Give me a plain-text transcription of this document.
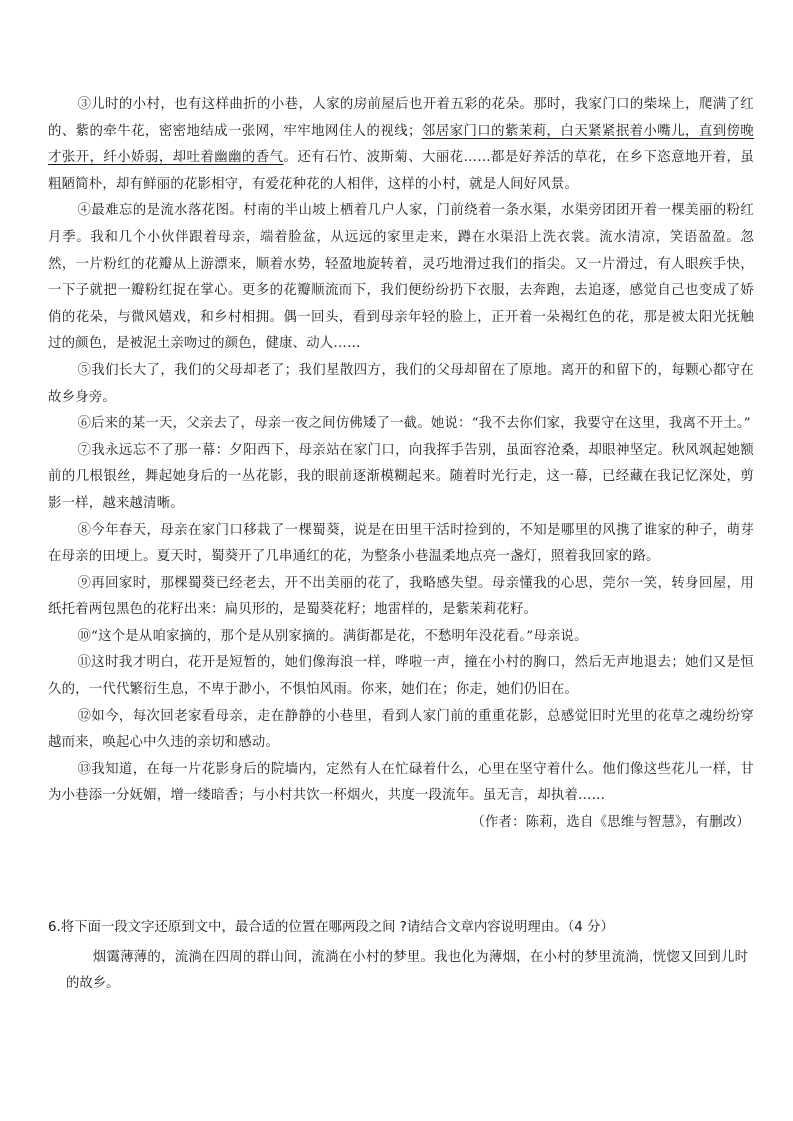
③儿时的小村，也有这样曲折的小巷，人家的房前屋后也开着五彩的花朵。那时，我家门口的柴垛上，爬满了红的、紫的牵牛花，密密地结成一张网，牢牢地网住人的视线；邻居家门口的紫茉莉，白天紧紧抿着小嘴儿，直到傍晚才张开，纤小娇弱，却吐着幽幽的香气。还有石竹、波斯菊、大丽花……都是好养活的草花，在乡下恣意地开着，虽粗陋简朴，却有鲜丽的花影相守，有爱花种花的人相伴，这样的小村，就是人间好风景。

④最难忘的是流水落花图。村南的半山坡上栖着几户人家，门前绕着一条水渠，水渠旁团团开着一棵美丽的粉红月季。我和几个小伙伴跟着母亲，端着脸盆，从远远的家里走来，蹲在水渠沿上洗衣裳。流水清凉，笑语盈盈。忽然，一片粉红的花瓣从上游漂来，顺着水势，轻盈地旋转着，灵巧地滑过我们的指尖。又一片滑过，有人眼疾手快，一下子就把一瓣粉红捉在掌心。更多的花瓣顺流而下，我们便纷纷扔下衣服，去奔跑，去追逐，感觉自己也变成了娇俏的花朵，与微风嬉戏，和乡村相拥。偶一回头，看到母亲年轻的脸上，正开着一朵褐红色的花，那是被太阳光抚触过的颜色，是被泥土亲吻过的颜色，健康、动人……

⑤我们长大了，我们的父母却老了；我们星散四方，我们的父母却留在了原地。离开的和留下的，每颗心都守在故乡身旁。

⑥后来的某一天，父亲去了，母亲一夜之间仿佛矮了一截。她说：“我不去你们家，我要守在这里，我离不开土。”

⑦我永远忘不了那一幕：夕阳西下，母亲站在家门口，向我挥手告别，虽面容沧桑，却眼神坚定。秋风飒起她额前的几根银丝，舞起她身后的一丛花影，我的眼前逐渐模糊起来。随着时光行走，这一幕，已经藏在我记忆深处，剪影一样，越来越清晰。

⑧今年春天，母亲在家门口移栽了一棵蜀葵，说是在田里干活时捡到的，不知是哪里的风携了谁家的种子，萌芽在母亲的田埂上。夏天时，蜀葵开了几串通红的花，为整条小巷温柔地点亮一盏灯，照着我回家的路。

⑨再回家时，那棵蜀葵已经老去，开不出美丽的花了，我略感失望。母亲懂我的心思，莞尔一笑，转身回屋，用纸托着两包黑色的花籽出来：扁贝形的，是蜀葵花籽；地雷样的，是紫茉莉花籽。

⑩“这个是从咱家摘的，那个是从别家摘的。满街都是花，不愁明年没花看。”母亲说。

⑪这时我才明白，花开是短暂的，她们像海浪一样，哗啦一声，撞在小村的胸口，然后无声地退去；她们又是恒久的，一代代繁衍生息，不卑于渺小，不惧怕风雨。你来，她们在；你走，她们仍旧在。

⑫如今，每次回老家看母亲，走在静静的小巷里，看到人家门前的重重花影，总感觉旧时光里的花草之魂纷纷穿越而来，唤起心中久违的亲切和感动。

⑬我知道，在每一片花影身后的院墙内，定然有人在忙碌着什么，心里在坚守着什么。他们像这些花儿一样，甘为小巷添一分妩媚，增一缕暗香；与小村共饮一杯烟火，共度一段流年。虽无言，却执着……

（作者：陈莉，选自《思维与智慧》，有删改）

6.将下面一段文字还原到文中，最合适的位置在哪两段之间 ?请结合文章内容说明理由。（4 分）

烟霭薄薄的，流淌在四周的群山间，流淌在小村的梦里。我也化为薄烟，在小村的梦里流淌，恍惚又回到儿时的故乡。
